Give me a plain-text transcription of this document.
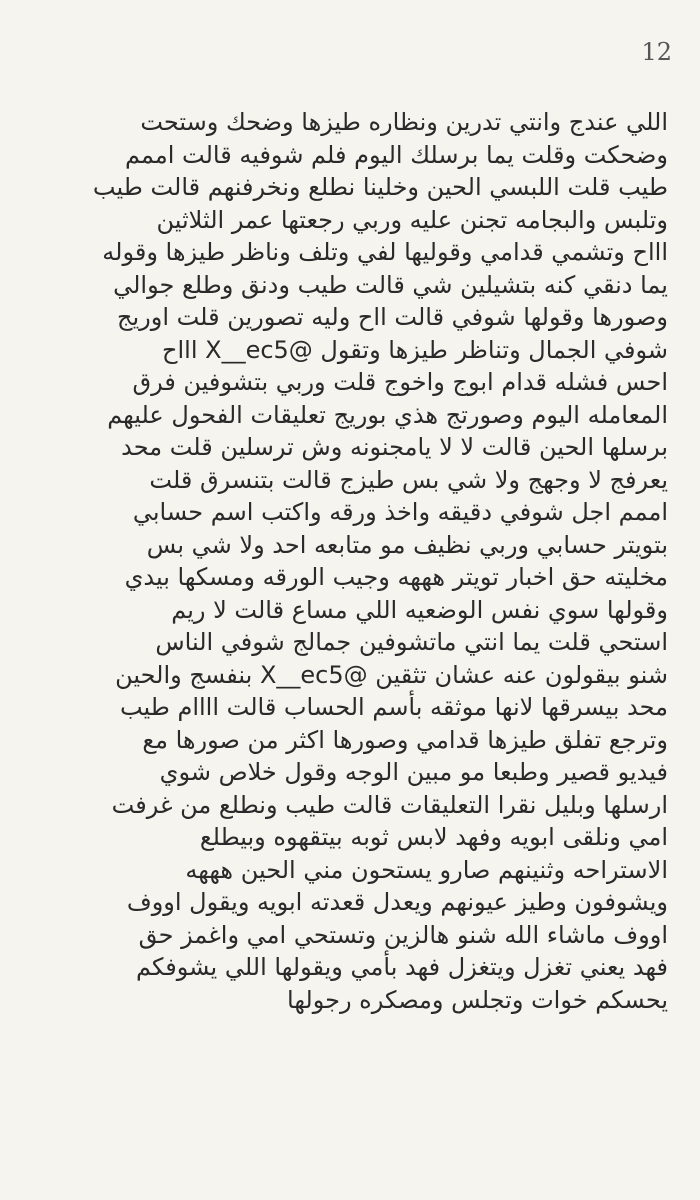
12
اللي عندج وانتي تدرين ونظاره طيزها وضحك وستحت
وضحكت وقلت يما برسلك اليوم فلم شوفيه قالت اممم
طيب قلت اللبسي الحين وخلينا نطلع ونخرفنهم قالت طيب
وتلبس والبجامه تجنن عليه وربي رجعتها عمر الثلاثين
اااح وتشمي قدامي وقوليها لفي وتلف وناظر طيزها وقوله
يما دنقي كنه بتشيلين شي قالت طيب ودنق وطلع جوالي
وصورها وقولها شوفي قالت ااح وليه تصورين قلت اوريج
شوفي الجمال وتناظر طيزها وتقول @X__ec5 اااح
احس فشله قدام ابوج واخوج قلت وربي بتشوفين فرق
المعامله اليوم وصورتج هذي بوريج تعليقات الفحول عليهم
برسلها الحين قالت لا لا يامجنونه وش ترسلين قلت محد
يعرفج لا وجهج ولا شي بس طيزج قالت بتنسرق قلت
اممم اجل شوفي دقيقه واخذ ورقه واكتب اسم حسابي
بتويتر حسابي وربي نظيف مو متابعه احد ولا شي بس
مخليته حق اخبار تويتر هههه وجيب الورقه ومسكها بيدي
وقولها سوي نفس الوضعيه اللي مساع قالت لا ريم
استحي قلت يما انتي ماتشوفين جمالج شوفي الناس
شنو بيقولون عنه عشان تثقين @X__ec5 بنفسج والحين
محد بيسرقها لانها موثقه بأسم الحساب قالت اااام طيب
وترجع تفلق طيزها قدامي وصورها اكثر من صورها مع
فيديو قصير وطبعا مو مبين الوجه وقول خلاص شوي
ارسلها وبليل نقرا التعليقات قالت طيب ونطلع من غرفت
امي ونلقى ابويه وفهد لابس ثوبه بيتقهوه وبيطلع
الاستراحه وثنينهم صارو يستحون مني الحين هههه
ويشوفون وطيز عيونهم ويعدل قعدته ابويه ويقول اووف
اووف ماشاء الله شنو هالزين وتستحي امي واغمز حق
فهد يعني تغزل ويتغزل فهد بأمي ويقولها اللي يشوفكم
يحسكم خوات وتجلس ومصكره رجولها
